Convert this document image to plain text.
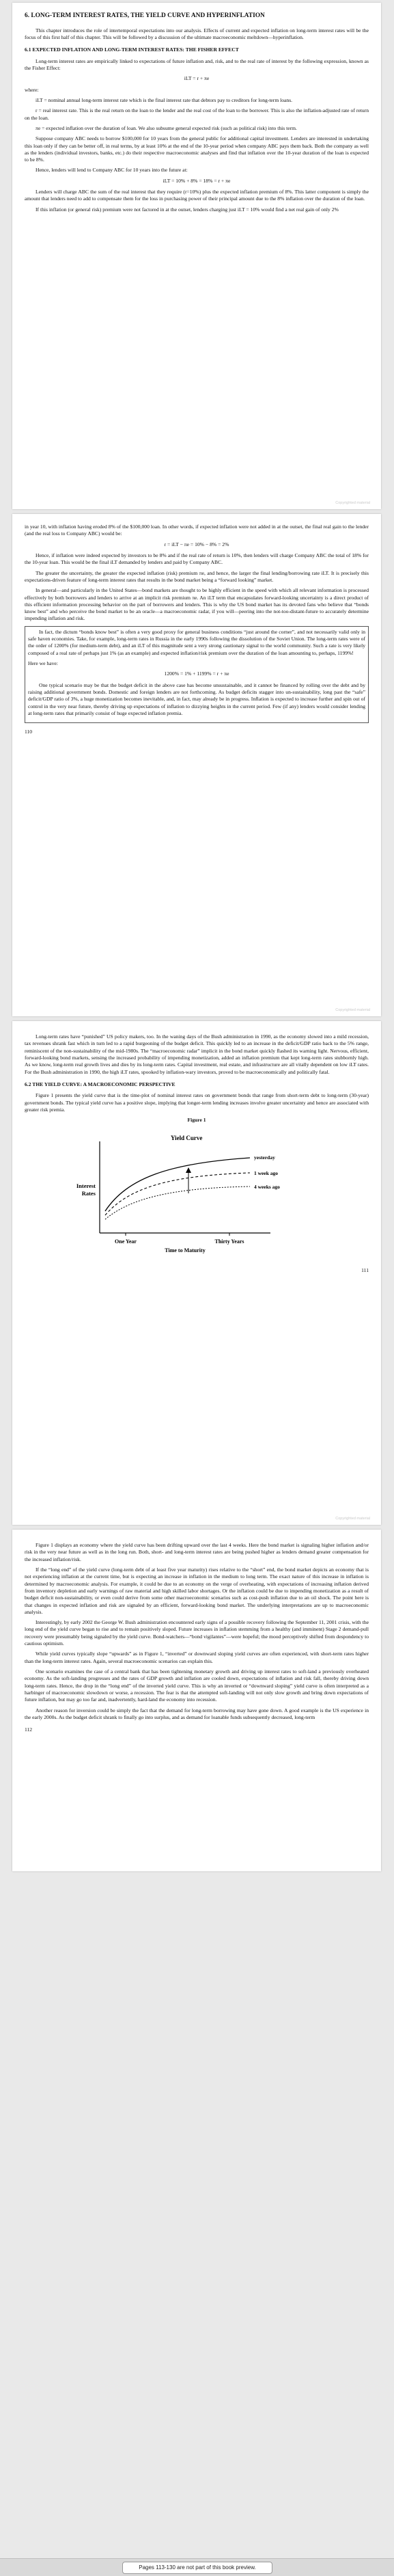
6. LONG-TERM INTEREST RATES, THE YIELD CURVE AND HYPERINFLATION

This chapter introduces the role of intertemporal expectations into our analysis. Effects of current and expected inflation on long-term interest rates will be the focus of this first half of this chapter. This will be followed by a discussion of the ultimate macroeconomic meltdown—hyperinflation.

6.1 EXPECTED INFLATION AND LONG-TERM INTEREST RATES: THE FISHER EFFECT

Long-term interest rates are empirically linked to expectations of future inflation and, risk, and to the real rate of interest by the following expression, known as the Fisher Effect:

iLT = r + πe

where:

iLT = nominal annual long-term interest rate which is the final interest rate that debtors pay to creditors for long-term loans.

r = real interest rate. This is the real return on the loan to the lender and the real cost of the loan to the borrower. This is also the inflation-adjusted rate of return on the loan.

πe = expected inflation over the duration of loan. We also subsume general expected risk (such as political risk) into this term.

Suppose company ABC needs to borrow $100,000 for 10 years from the general public for additional capital investment. Lenders are interested in undertaking this loan only if they can be better off, in real terms, by at least 10% at the end of the 10-year period when company ABC pays them back. Both the company as well as the lenders (individual investors, banks, etc.) do their respective macroeconomic analyses and find that inflation over the 10-year duration of the loan is expected to be 8%.

Hence, lenders will lend to Company ABC for 10 years into the future at:

iLT = 10% + 8% = 18% = r + πe

Lenders will charge ABC the sum of the real interest that they require (r=10%) plus the expected inflation premium of 8%. This latter component is simply the amount that lenders need to add to compensate them for the loss in purchasing power of their principal amount due to the 8% inflation over the duration of the loan.

If this inflation (or general risk) premium were not factored in at the outset, lenders charging just iLT = 10% would find a net real gain of only 2%

Copyrighted material

in year 10, with inflation having eroded 8% of the $100,000 loan. In other words, if expected inflation were not added in at the outset, the final real gain to the lender (and the real loss to Company ABC) would be:

r = iLT − πe = 10% − 8% = 2%

Hence, if inflation were indeed expected by investors to be 8% and if the real rate of return is 10%, then lenders will charge Company ABC the total of 18% for the 10-year loan. This would be the final iLT demanded by lenders and paid by Company ABC.

The greater the uncertainty, the greater the expected inflation (risk) premium πe, and hence, the larger the final lending/borrowing rate iLT. It is precisely this expectations-driven feature of long-term interest rates that results in the bond market being a “forward looking” market.

In general—and particularly in the United States—bond markets are thought to be highly efficient in the speed with which all relevant information is processed effectively by both borrowers and lenders to arrive at an implicit risk premium πe. An iLT term that encapsulates forward-looking uncertainty is a direct product of this efficient information processing behavior on the part of borrowers and lenders. This is why the US bond market has its devoted fans who believe that “bonds know best” and who perceive the bond market to be an oracle—a macroeconomic radar, if you will—peering into the not-too-distant-future to accurately determine impending inflation and risk.

In fact, the dictum “bonds know best” is often a very good proxy for general business conditions “just around the corner”, and not necessarily valid only in safe haven economies. Take, for example, long-term rates in Russia in the early 1990s following the dissolution of the Soviet Union. The long-term rates were of the order of 1200% (for medium-term debt), and an iLT of this magnitude sent a very strong cautionary signal to the world community. Such a rate is very likely composed of a real rate of perhaps just 1% (as an example) and expected inflation/risk premium over the duration of the loan amounting to, perhaps, 1199%!

Here we have:

1200% = 1% + 1199% = r + πe

One typical scenario may be that the budget deficit in the above case has become unsustainable, and it cannot be financed by rolling over the debt and by raising additional government bonds. Domestic and foreign lenders are not forthcoming. As budget deficits stagger into un-sustainability, long past the “safe” deficit/GDP ratio of 3%, a huge monetization becomes inevitable, and, in fact, may already be in progress. Inflation is expected to increase further and spin out of control in the very near future, thereby driving up expectations of inflation to dizzying heights in the current period. Few (if any) lenders would consider lending at long-term rates that primarily consist of huge expected inflation premia.

110
Copyrighted material

Long-term rates have “punished” US policy makers, too. In the waning days of the Bush administration in 1990, as the economy slowed into a mild recession, tax revenues shrank fast which in turn led to a rapid burgeoning of the budget deficit. This quickly led to an increase in the deficit/GDP ratio back to the 5% range, reminiscent of the non-sustainability of the mid-1980s. The “macroeconomic radar” implicit in the bond market quickly flashed its warning light. Nervous, efficient, forward-looking bond markets, sensing the increased probability of impending monetization, added an inflation premium that kept long-term rates stubbornly high. As we know, long-term real growth lives and dies by its long-term rates. Capital investment, real estate, and infrastructure are all vitally dependent on low iLT rates. For the Bush administration in 1990, the high iLT rates, spooked by inflation-wary investors, proved to be macroeconomically and politically fatal.

6.2 THE YIELD CURVE: A MACROECONOMIC PERSPECTIVE

Figure 1 presents the yield curve that is the time-plot of nominal interest rates on government bonds that range from short-term debt to long-term (30-year) government bonds. The typical yield curve has a positive slope, implying that longer-term lending increases involve greater uncertainty and hence are associated with greater risk premia.

Figure 1
Yield Curve
Interest
Rates
One Year	Thirty Years
Time to Maturity
yesterday
1 week ago
4 weeks ago
111
Copyrighted material

Figure 1 displays an economy where the yield curve has been drifting upward over the last 4 weeks. Here the bond market is signaling higher inflation and/or risk in the very near future as well as in the long run. Both, short- and long-term interest rates are being pushed higher as lenders demand greater compensation for the increased inflation/risk.

If the “long end” of the yield curve (long-term debt of at least five year maturity) rises relative to the “short” end, the bond market depicts an economy that is not experiencing inflation at the current time, but is expecting an increase in inflation in the medium to long term. The exact nature of this increase in inflation is determined by macroeconomic analysis. For example, it could be due to an economy on the verge of overheating, with expectations of increasing inflation derived from inventory depletion and early warnings of raw material and high skilled labor shortages. Or the inflation could be due to impending monetization as a result of budget deficit non-sustainability, or even could derive from some other macroeconomic scenarios such as cost-push inflation due to an oil shock. The point here is that changes in expected inflation and risk are signaled by an efficient, forward-looking bond market. The underlying interpretations are up to macroeconomic analysis.

Interestingly, by early 2002 the George W. Bush administration encountered early signs of a possible recovery following the September 11, 2001 crisis, with the long end of the yield curve began to rise and to remain positively sloped. Future increases in inflation stemming from a healthy (and imminent) Stage 2 demand-pull recovery were presumably being signaled by the yield curve. Bond-watchers—“bond vigilantes”—were hopeful; the mood perceptively shifted from despondency to cautious optimism.

While yield curves typically slope “upwards” as in Figure 1, “inverted” or downward sloping yield curves are often experienced, with short-term rates higher than the long-term interest rates. Again, several macroeconomic scenarios can explain this.

One scenario examines the case of a central bank that has been tightening monetary growth and driving up interest rates to soft-land a previously overheated economy. As the soft-landing progresses and the rates of GDP growth and inflation are cooled down, expectations of inflation and risk fall, thereby driving down long-term rates. Hence, the drop in the “long end” of the inverted yield curve. This is why an inverted or “downward sloping” yield curve is often interpreted as a harbinger of macroeconomic slowdown or worse, a recession. The fear is that the attempted soft-landing will not only slow growth and bring down expectations of future inflation, but may go too far and, inadvertently, hard-land the economy into recession.

Another reason for inversion could be simply the fact that the demand for long-term borrowing may have gone down. A good example is the US experience in the early 2000s. As the budget deficit shrank to finally go into surplus, and as demand for loanable funds subsequently decreased, long-term

112
Pages 113-130 are not part of this book preview.
